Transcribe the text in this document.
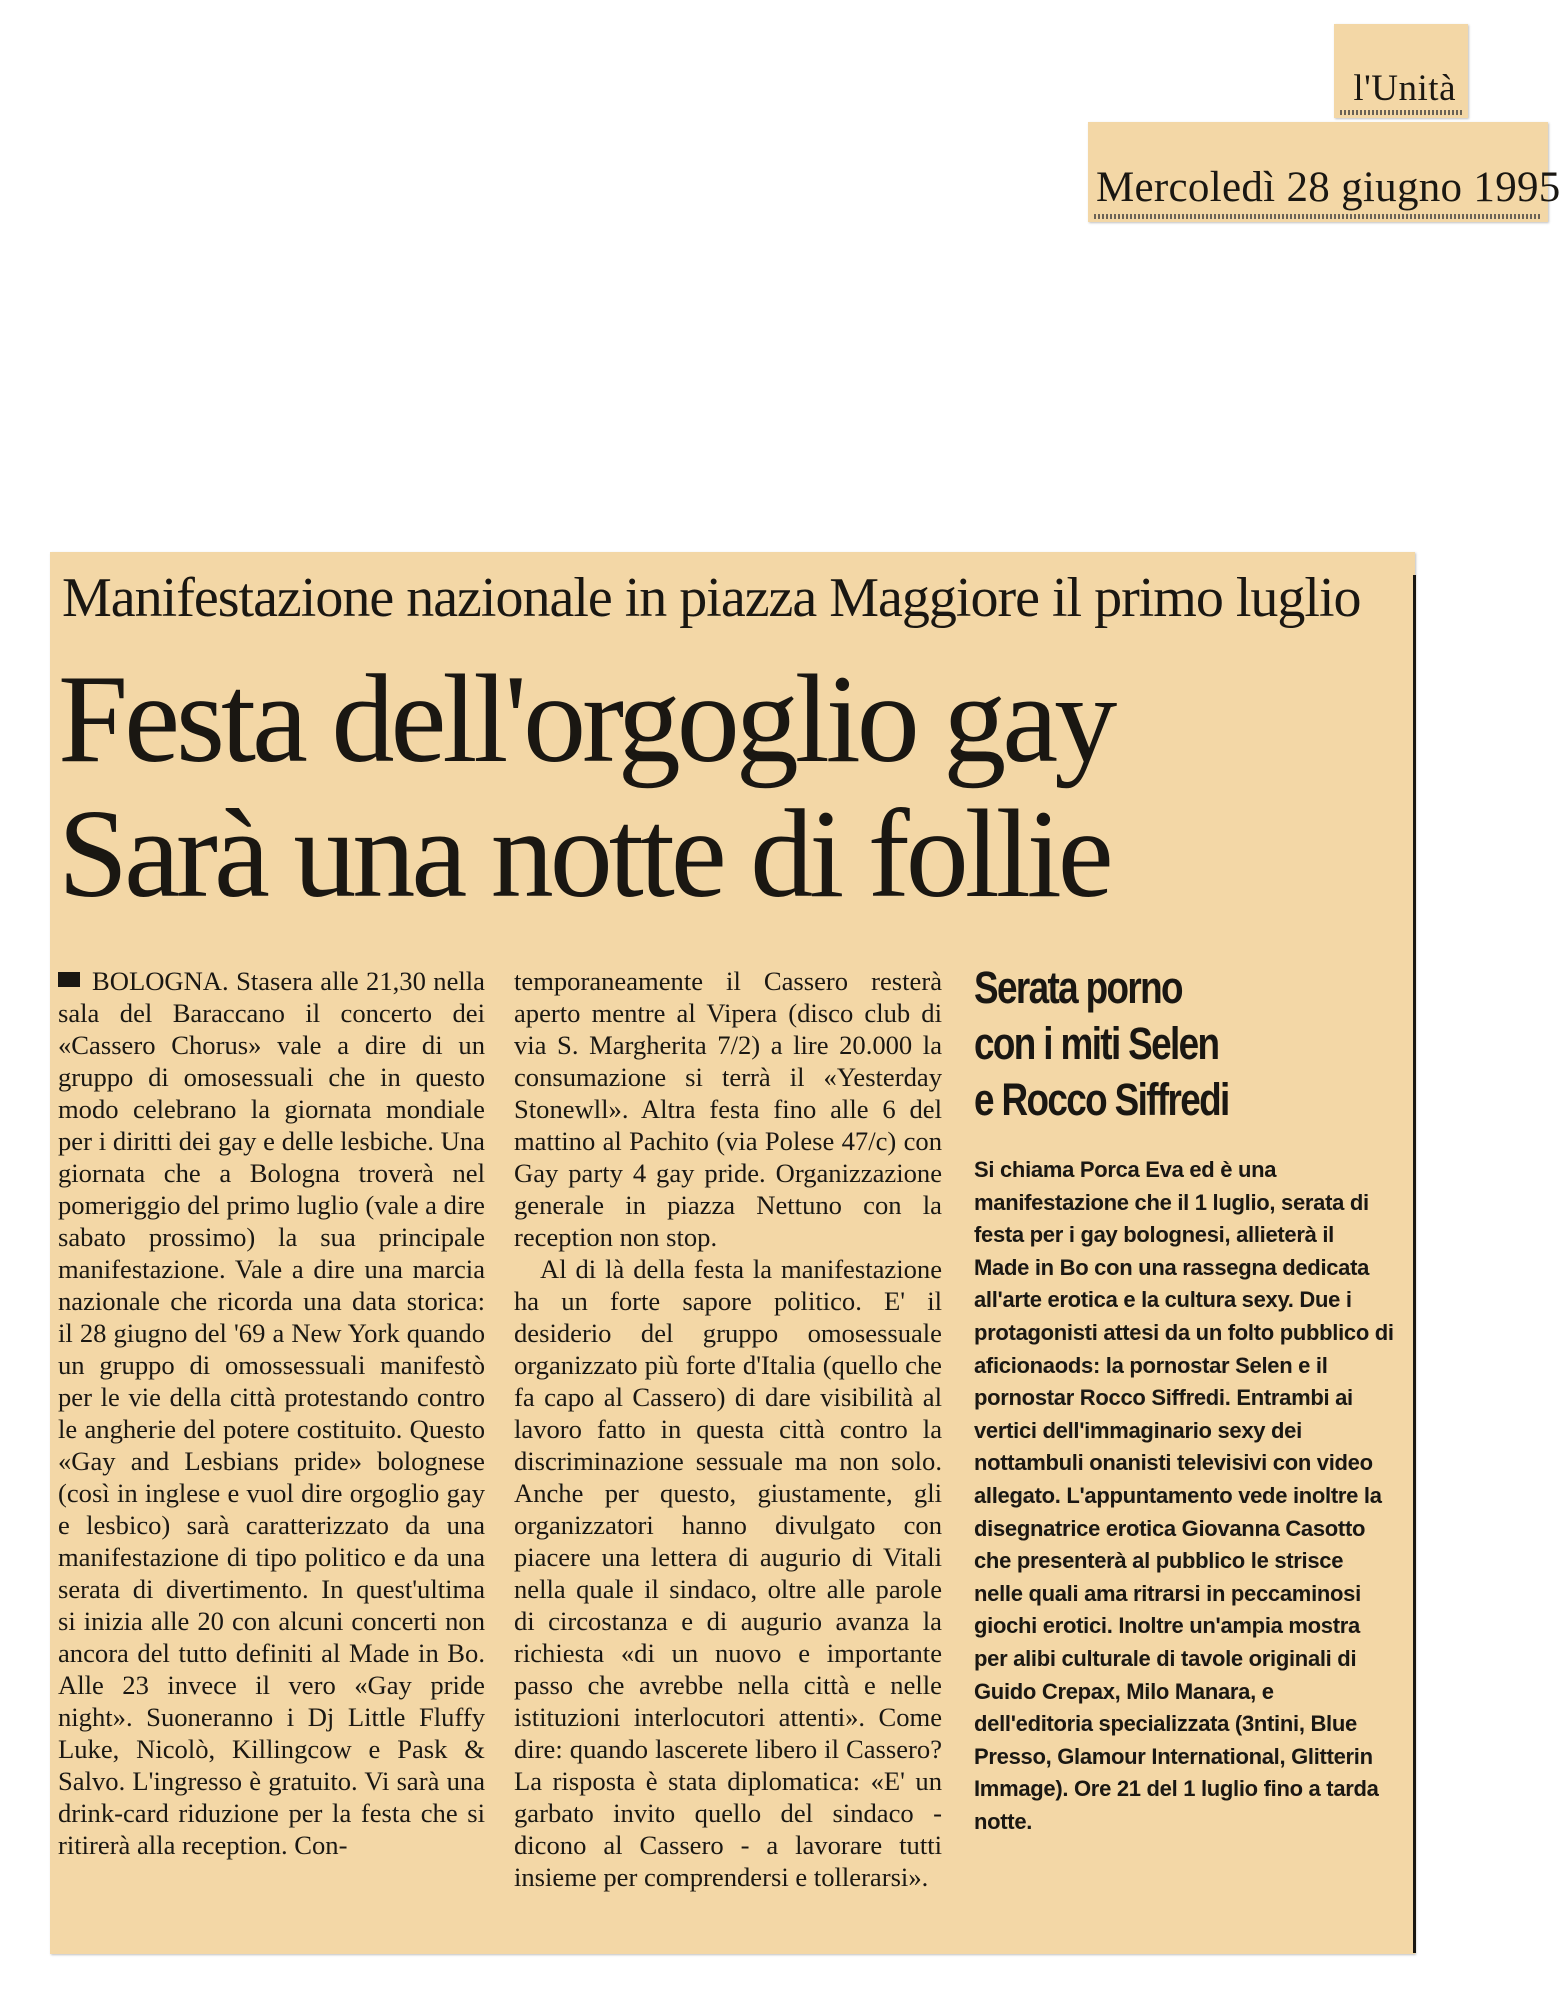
l'Unità
Mercoledì 28 giugno 1995
Manifestazione nazionale in piazza Maggiore il primo luglio
Festa dell'orgoglio gay
Sarà una notte di follie

BOLOGNA. Stasera alle 21,30 nella sala del Baraccano il concerto dei «Cassero Chorus» vale a dire di un gruppo di omosessuali che in questo modo celebrano la giornata mondiale per i diritti dei gay e delle lesbiche. Una giornata che a Bologna troverà nel pomeriggio del primo luglio (vale a dire sabato prossimo) la sua principale manifestazione. Vale a dire una marcia nazionale che ricorda una data storica: il 28 giugno del '69 a New York quando un gruppo di omossessuali manifestò per le vie della città protestando contro le angherie del potere costituito. Questo «Gay and Lesbians pride» bolognese (così in inglese e vuol dire orgoglio gay e lesbico) sarà caratterizzato da una manifestazione di tipo politico e da una serata di divertimento. In quest'ultima si inizia alle 20 con alcuni concerti non ancora del tutto definiti al Made in Bo. Alle 23 invece il vero «Gay pride night». Suoneranno i Dj Little Fluffy Luke, Nicolò, Killingcow e Pask & Salvo. L'ingresso è gratuito. Vi sarà una drink-card riduzione per la festa che si ritirerà alla reception. Con-

temporaneamente il Cassero resterà aperto mentre al Vipera (disco club di via S. Margherita 7/2) a lire 20.000 la consumazione si terrà il «Yesterday Stonewll». Altra festa fino alle 6 del mattino al Pachito (via Polese 47/c) con Gay party 4 gay pride. Organizzazione generale in piazza Nettuno con la reception non stop.

Al di là della festa la manifestazione ha un forte sapore politico. E' il desiderio del gruppo omosessuale organizzato più forte d'Italia (quello che fa capo al Cassero) di dare visibilità al lavoro fatto in questa città contro la discriminazione sessuale ma non solo. Anche per questo, giustamente, gli organizzatori hanno divulgato con piacere una lettera di augurio di Vitali nella quale il sindaco, oltre alle parole di circostanza e di augurio avanza la richiesta «di un nuovo e importante passo che avrebbe nella città e nelle istituzioni interlocutori attenti». Come dire: quando lascerete libero il Cassero? La risposta è stata diplomatica: «E' un garbato invito quello del sindaco - dicono al Cassero - a lavorare tutti insieme per comprendersi e tollerarsi».

Serata porno
con i miti Selen
e Rocco Siffredi
Si chiama Porca Eva ed è una manifestazione che il 1 luglio, serata di festa per i gay bolognesi, allieterà il Made in Bo con una rassegna dedicata all'arte erotica e la cultura sexy. Due i protagonisti attesi da un folto pubblico di aficionaods: la pornostar Selen e il pornostar Rocco Siffredi. Entrambi ai vertici dell'immaginario sexy dei nottambuli onanisti televisivi con video allegato. L'appuntamento vede inoltre la disegnatrice erotica Giovanna Casotto che presenterà al pubblico le strisce nelle quali ama ritrarsi in peccaminosi giochi erotici. Inoltre un'ampia mostra per alibi culturale di tavole originali di Guido Crepax, Milo Manara, e dell'editoria specializzata (3ntini, Blue Presso, Glamour International, Glitterin Immage). Ore 21 del 1 luglio fino a tarda notte.
